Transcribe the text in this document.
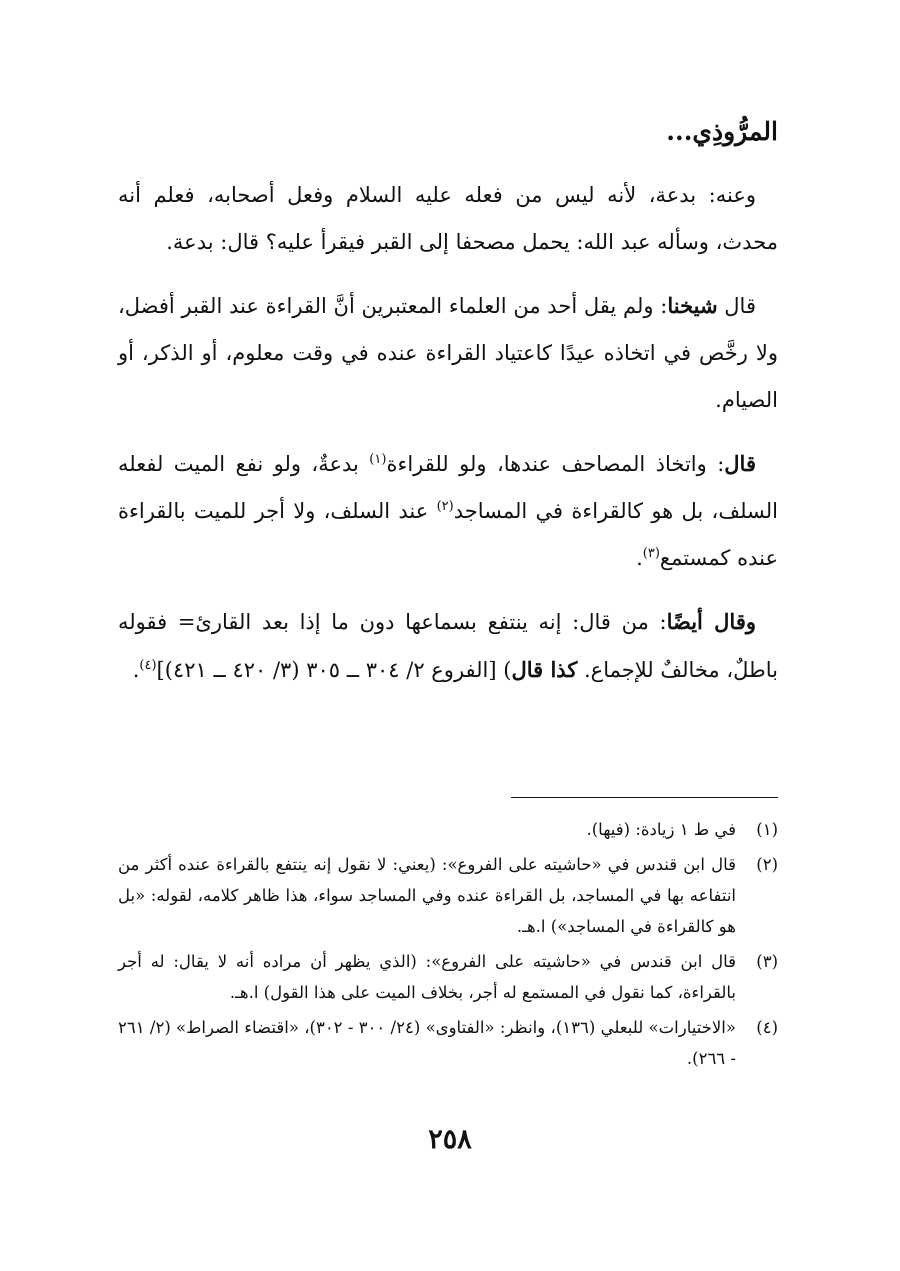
المرُّوذِي...

وعنه: بدعة، لأنه ليس من فعله عليه السلام وفعل أصحابه، فعلم أنه محدث، وسأله عبد الله: يحمل مصحفا إلى القبر فيقرأ عليه؟ قال: بدعة.

قال شيخنا: ولم يقل أحد من العلماء المعتبرين أنَّ القراءة عند القبر أفضل، ولا رخَّص في اتخاذه عيدًا كاعتياد القراءة عنده في وقت معلوم، أو الذكر، أو الصيام.

قال: واتخاذ المصاحف عندها، ولو للقراءة$^{(١)}$ بدعةٌ، ولو نفع الميت لفعله السلف، بل هو كالقراءة في المساجد$^{(٢)}$ عند السلف، ولا أجر للميت بالقراءة عنده كمستمع$^{(٣)}$.

وقال أيضًا: من قال: إنه ينتفع بسماعها دون ما إذا بعد القارئ= فقوله باطلٌ، مخالفٌ للإجماع. كذا قال) [الفروع ٢/ ٣٠٤ ــ ٣٠٥ (٣/ ٤٢٠ ــ ٤٢١)]$^{(٤)}$.

(١)
في ط ١ زيادة: (فيها).
(٢)
قال ابن قندس في «حاشيته على الفروع»: (يعني: لا نقول إنه ينتفع بالقراءة عنده أكثر من انتفاعه بها في المساجد، بل القراءة عنده وفي المساجد سواء، هذا ظاهر كلامه، لقوله: «بل هو كالقراءة في المساجد») ا.هـ.
(٣)
قال ابن قندس في «حاشيته على الفروع»: (الذي يظهر أن مراده أنه لا يقال: له أجر بالقراءة، كما نقول في المستمع له أجر، بخلاف الميت على هذا القول) ا.هـ.
(٤)
«الاختيارات» للبعلي (١٣٦)، وانظر: «الفتاوى» (٢٤/ ٣٠٠ - ٣٠٢)، «اقتضاء الصراط» (٢/ ٢٦١ - ٢٦٦).
٢٥٨
